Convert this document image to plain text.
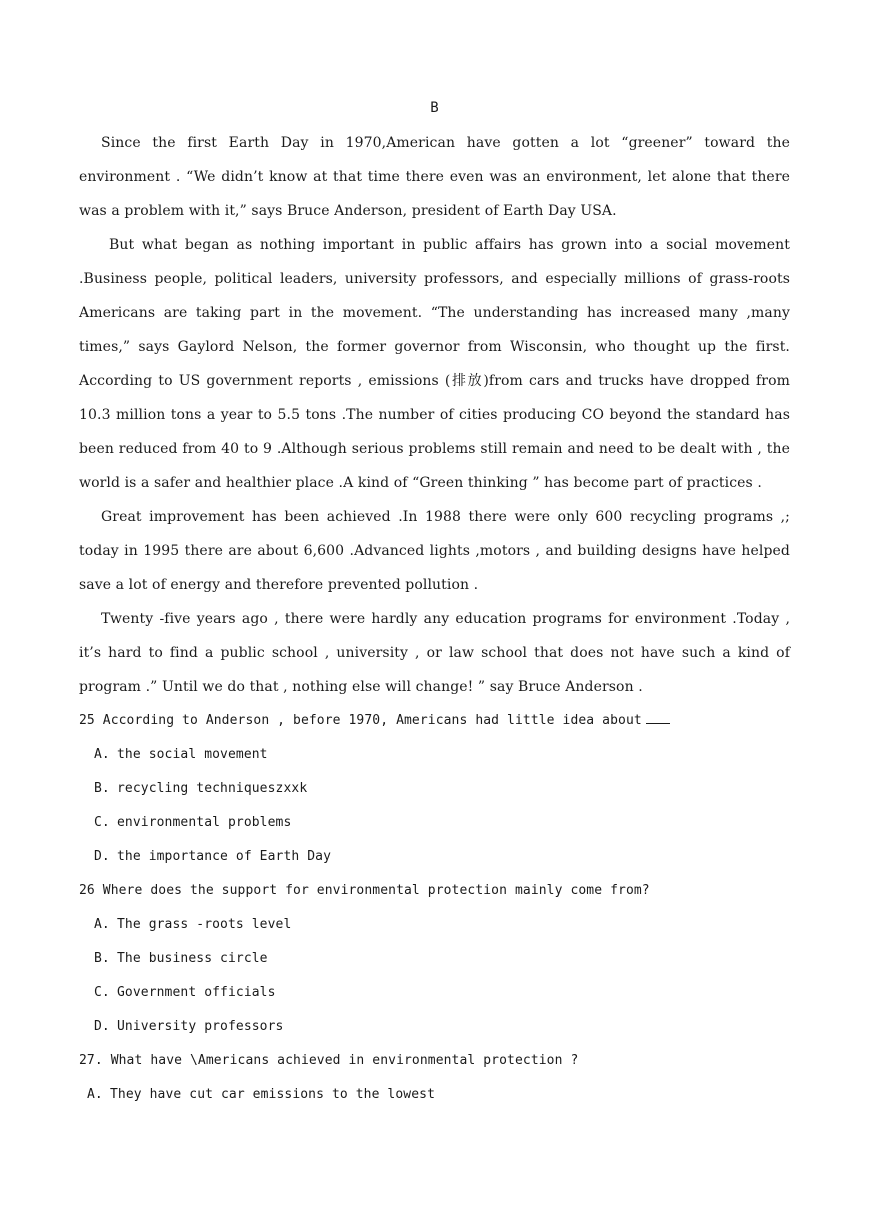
B

Since the first Earth Day in 1970,American have gotten a lot “greener” toward the environment . “We didn’t know at that time there even was an environment, let alone that there was a problem with it,” says Bruce Anderson, president of Earth Day USA.

But what began as nothing important in public affairs has grown into a social movement .Business people, political leaders, university professors, and especially millions of grass-roots Americans are taking part in the movement. “The understanding has increased many ,many times,” says Gaylord Nelson, the former governor from Wisconsin, who thought up the first. According to US government reports , emissions (排放)from cars and trucks have dropped from 10.3 million tons a year to 5.5 tons .The number of cities producing CO beyond the standard has been reduced from 40 to 9 .Although serious problems still remain and need to be dealt with , the world is a safer and healthier place .A kind of “Green thinking ” has become part of practices .

Great improvement has been achieved .In 1988 there were only 600 recycling programs ,; today in 1995 there are about 6,600 .Advanced lights ,motors , and building designs have helped save a lot of energy and therefore prevented pollution .

Twenty -five years ago , there were hardly any education programs for environment .Today , it’s hard to find a public school , university , or law school that does not have such a kind of program .” Until we do that , nothing else will change! ” say Bruce Anderson .

25 According to Anderson , before 1970, Americans had little idea about

A. the social movement

B. recycling techniqueszxxk

C. environmental problems

D. the importance of Earth Day

26 Where does the support for environmental protection mainly come from?

A. The grass -roots level

B. The business circle

C. Government officials

D. University professors

27. What have \Americans achieved in environmental protection ?

A. They have cut car emissions to the lowest
